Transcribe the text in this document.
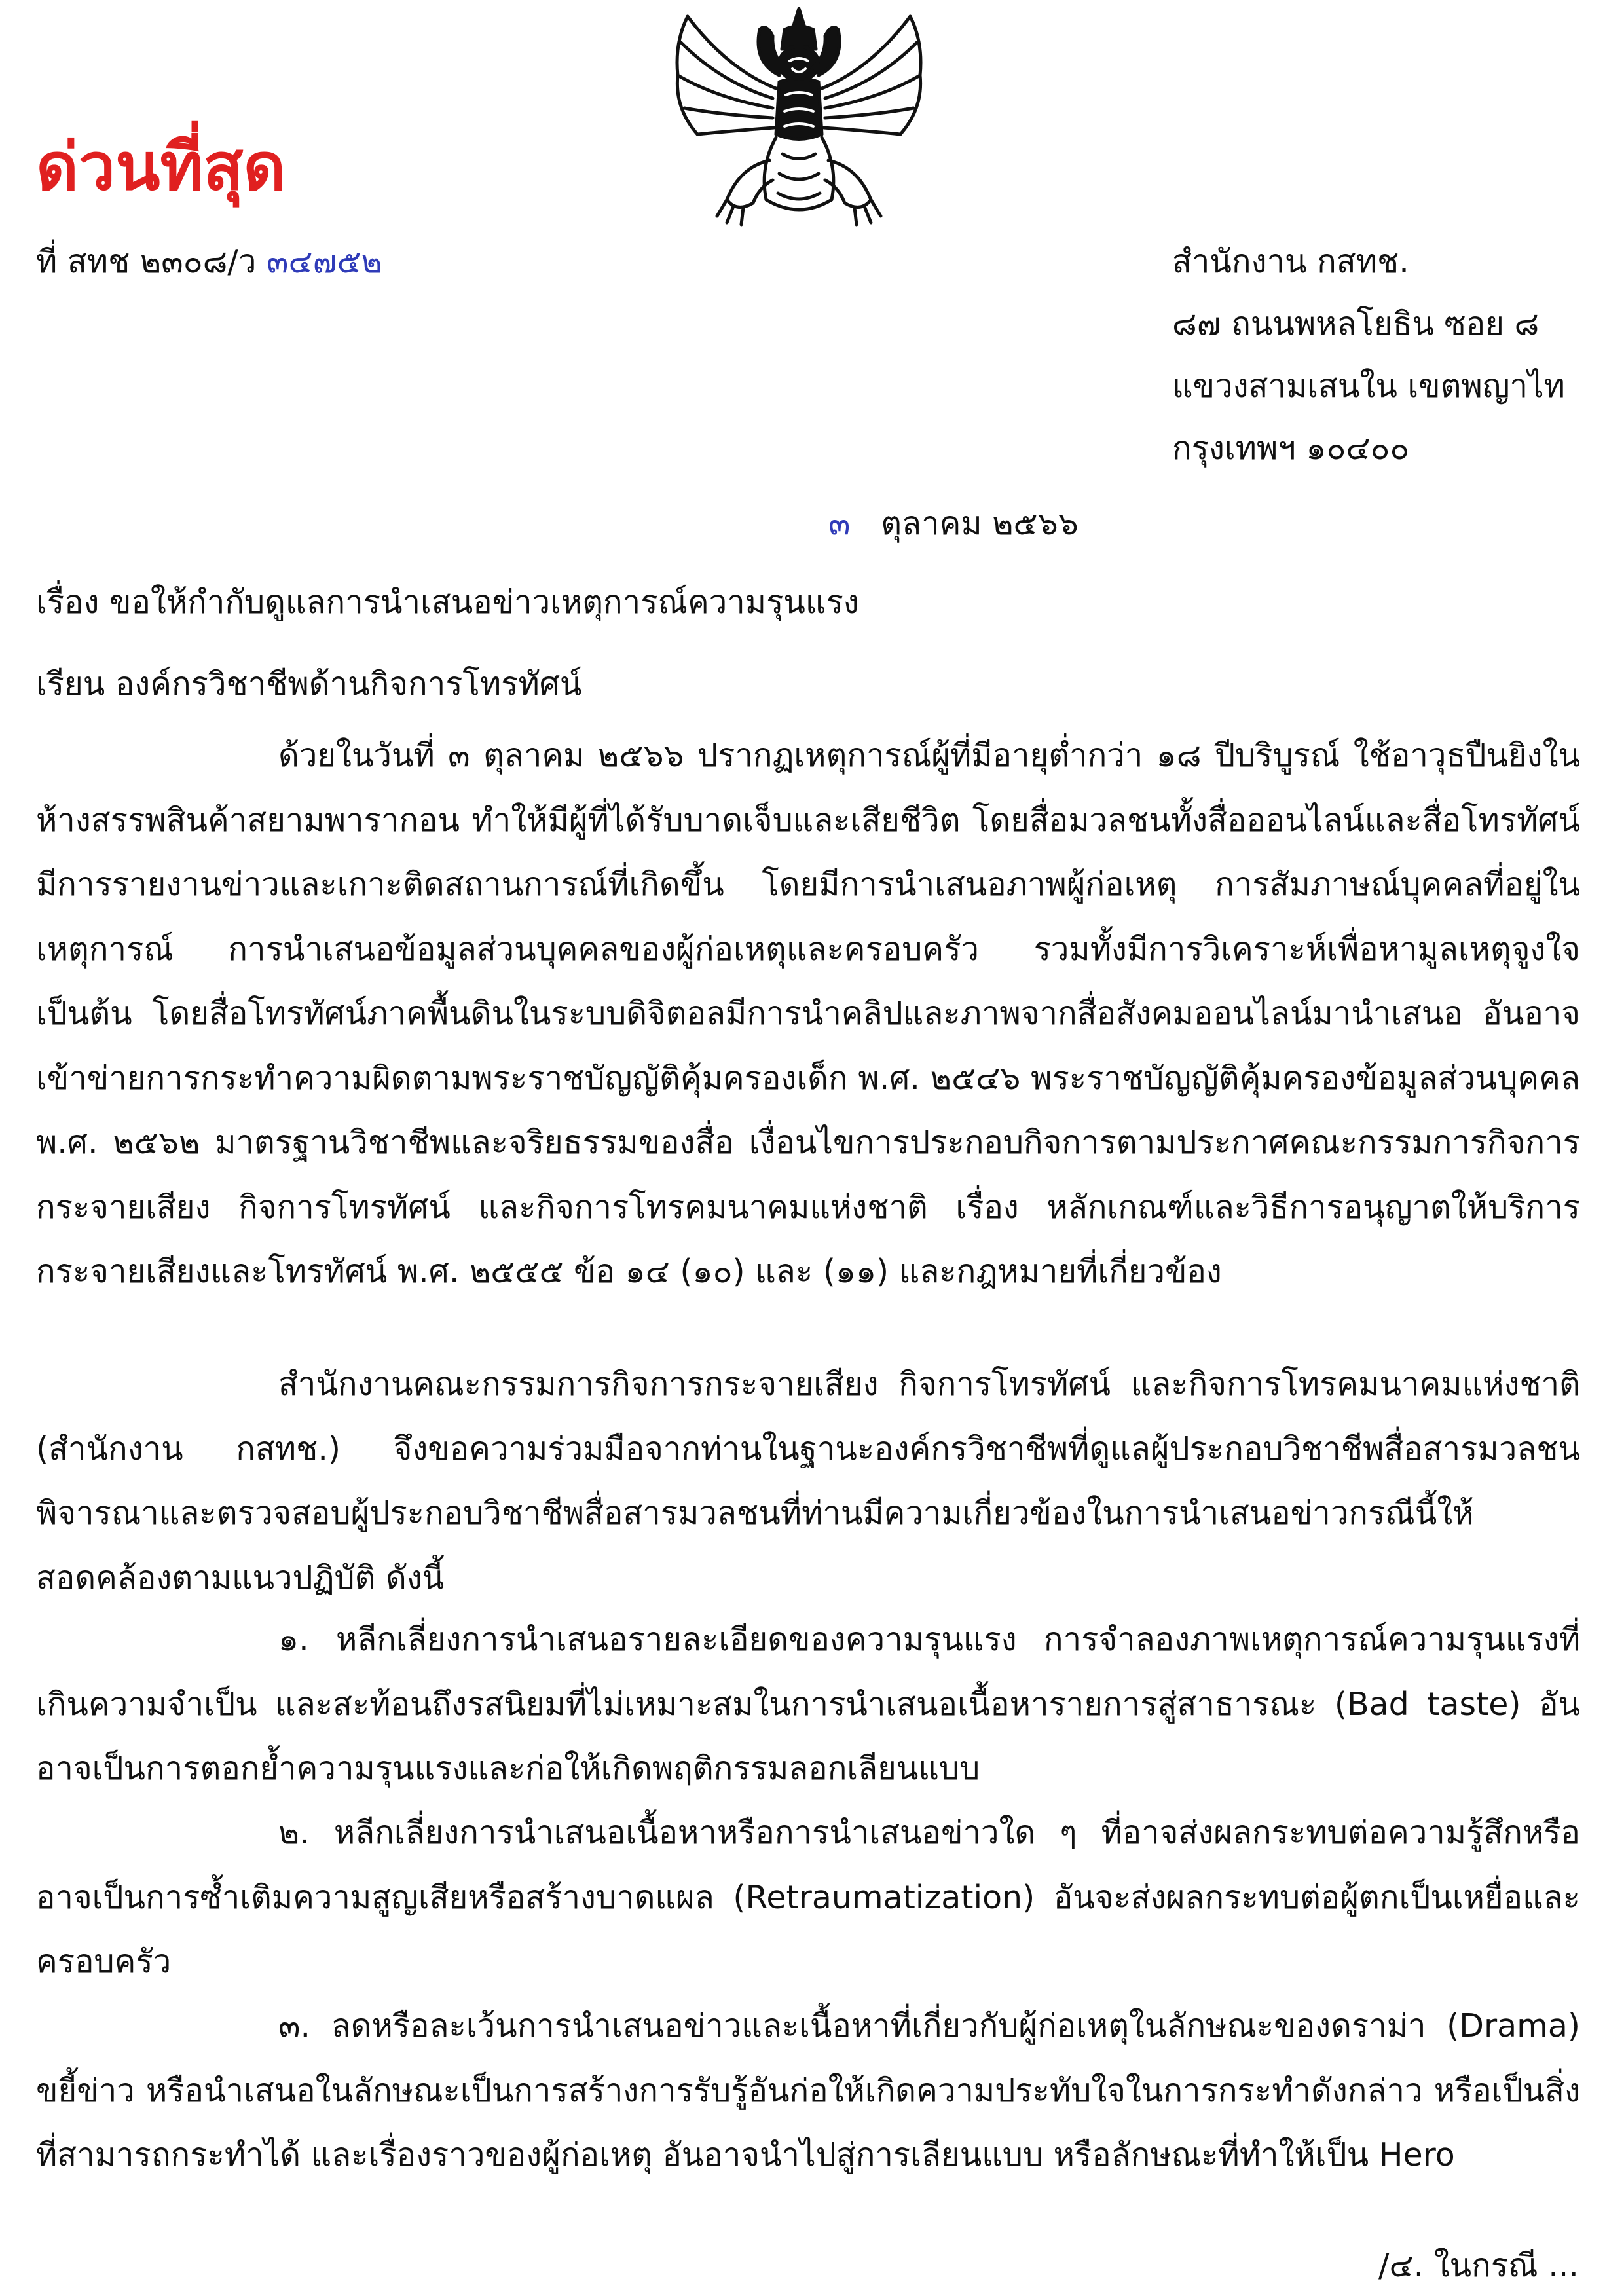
ด่วนที่สุด
ที่ สทช ๒๓๐๘/ว ๓๔๗๕๒	สำนักงาน กสทช.
๘๗ ถนนพหลโยธิน ซอย ๘
แขวงสามเสนใน เขตพญาไท
กรุงเทพฯ ๑๐๔๐๐
๓ ตุลาคม ๒๕๖๖
เรื่อง ขอให้กำกับดูแลการนำเสนอข่าวเหตุการณ์ความรุนแรง
เรียน องค์กรวิชาชีพด้านกิจการโทรทัศน์

ด้วยในวันที่ ๓ ตุลาคม ๒๕๖๖ ปรากฏเหตุการณ์ผู้ที่มีอายุต่ำกว่า ๑๘ ปีบริบูรณ์ ใช้อาวุธปืนยิงในห้างสรรพสินค้าสยามพารากอน ทำให้มีผู้ที่ได้รับบาดเจ็บและเสียชีวิต โดยสื่อมวลชนทั้งสื่อออนไลน์และสื่อโทรทัศน์มีการรายงานข่าวและเกาะติดสถานการณ์ที่เกิดขึ้น โดยมีการนำเสนอภาพผู้ก่อเหตุ การสัมภาษณ์บุคคลที่อยู่ในเหตุการณ์ การนำเสนอข้อมูลส่วนบุคคลของผู้ก่อเหตุและครอบครัว รวมทั้งมีการวิเคราะห์เพื่อหามูลเหตุจูงใจ เป็นต้น โดยสื่อโทรทัศน์ภาคพื้นดินในระบบดิจิตอลมีการนำคลิปและภาพจากสื่อสังคมออนไลน์มานำเสนอ อันอาจเข้าข่ายการกระทำความผิดตามพระราชบัญญัติคุ้มครองเด็ก พ.ศ. ๒๕๔๖ พระราชบัญญัติคุ้มครองข้อมูลส่วนบุคคล พ.ศ. ๒๕๖๒ มาตรฐานวิชาชีพและจริยธรรมของสื่อ เงื่อนไขการประกอบกิจการตามประกาศคณะกรรมการกิจการกระจายเสียง กิจการโทรทัศน์ และกิจการโทรคมนาคมแห่งชาติ เรื่อง หลักเกณฑ์และวิธีการอนุญาตให้บริการกระจายเสียงและโทรทัศน์ พ.ศ. ๒๕๕๕ ข้อ ๑๔ (๑๐) และ (๑๑) และกฎหมายที่เกี่ยวข้อง

สำนักงานคณะกรรมการกิจการกระจายเสียง กิจการโทรทัศน์ และกิจการโทรคมนาคมแห่งชาติ (สำนักงาน กสทช.) จึงขอความร่วมมือจากท่านในฐานะองค์กรวิชาชีพที่ดูแลผู้ประกอบวิชาชีพสื่อสารมวลชน พิจารณาและตรวจสอบผู้ประกอบวิชาชีพสื่อสารมวลชนที่ท่านมีความเกี่ยวข้องในการนำเสนอข่าวกรณีนี้ให้สอดคล้องตามแนวปฏิบัติ ดังนี้

๑. หลีกเลี่ยงการนำเสนอรายละเอียดของความรุนแรง การจำลองภาพเหตุการณ์ความรุนแรงที่เกินความจำเป็น และสะท้อนถึงรสนิยมที่ไม่เหมาะสมในการนำเสนอเนื้อหารายการสู่สาธารณะ (Bad taste) อันอาจเป็นการตอกย้ำความรุนแรงและก่อให้เกิดพฤติกรรมลอกเลียนแบบ

๒. หลีกเลี่ยงการนำเสนอเนื้อหาหรือการนำเสนอข่าวใด ๆ ที่อาจส่งผลกระทบต่อความรู้สึกหรืออาจเป็นการซ้ำเติมความสูญเสียหรือสร้างบาดแผล (Retraumatization) อันจะส่งผลกระทบต่อผู้ตกเป็นเหยื่อและครอบครัว

๓. ลดหรือละเว้นการนำเสนอข่าวและเนื้อหาที่เกี่ยวกับผู้ก่อเหตุในลักษณะของดราม่า (Drama) ขยี้ข่าว หรือนำเสนอในลักษณะเป็นการสร้างการรับรู้อันก่อให้เกิดความประทับใจในการกระทำดังกล่าว หรือเป็นสิ่งที่สามารถกระทำได้ และเรื่องราวของผู้ก่อเหตุ อันอาจนำไปสู่การเลียนแบบ หรือลักษณะที่ทำให้เป็น Hero

/๔. ในกรณี ...
